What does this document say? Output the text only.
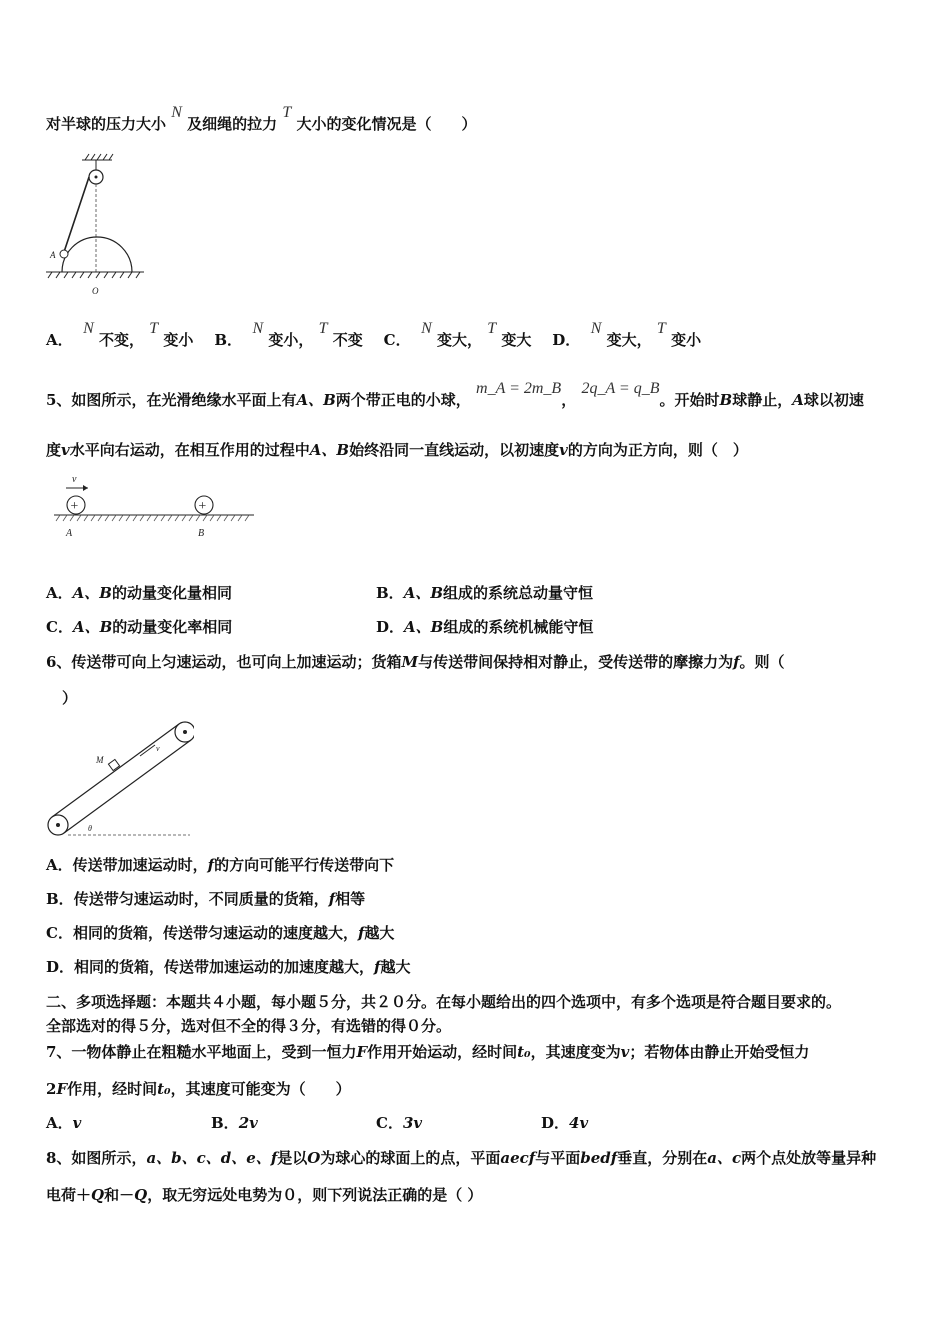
对半球的压力大小 N 及细绳的拉力 T 大小的变化情况是（　　）
A
O
A．  N 不变， T 变小 B．  N 变小， T 不变 C．  N 变大， T 变大 D．  N 变大， T 变小
5、如图所示，在光滑绝缘水平面上有A、B两个带正电的小球， m_A = 2m_B， 2q_A = q_B。开始时B球静止，A球以初速
度v水平向右运动，在相互作用的过程中A、B始终沿同一直线运动，以初速度v的方向为正方向，则（　）
v
+	+
A	B
A．A、B的动量变化量相同	B．A、B组成的系统总动量守恒
C．A、B的动量变化率相同	D．A、B组成的系统机械能守恒
6、传送带可向上匀速运动，也可向上加速运动；货箱M与传送带间保持相对静止，受传送带的摩擦力为f。则（
）
M
v
θ
A．传送带加速运动时，f的方向可能平行传送带向下
B．传送带匀速运动时，不同质量的货箱，f相等
C．相同的货箱，传送带匀速运动的速度越大，f越大
D．相同的货箱，传送带加速运动的加速度越大，f越大
二、多项选择题：本题共４小题，每小题５分，共２０分。在每小题给出的四个选项中，有多个选项是符合题目要求的。
全部选对的得５分，选对但不全的得３分，有选错的得０分。
7、一物体静止在粗糙水平地面上，受到一恒力F作用开始运动，经时间t₀，其速度变为v；若物体由静止开始受恒力
2F作用，经时间t₀，其速度可能变为（　　）
A．v	B．2v	C．3v	D．4v
8、如图所示，a、b、c、d、e、f是以O为球心的球面上的点，平面aecf与平面bedf垂直，分别在a、c两个点处放等量异种
电荷＋Q和－Q，取无穷远处电势为０，则下列说法正确的是（ ）
